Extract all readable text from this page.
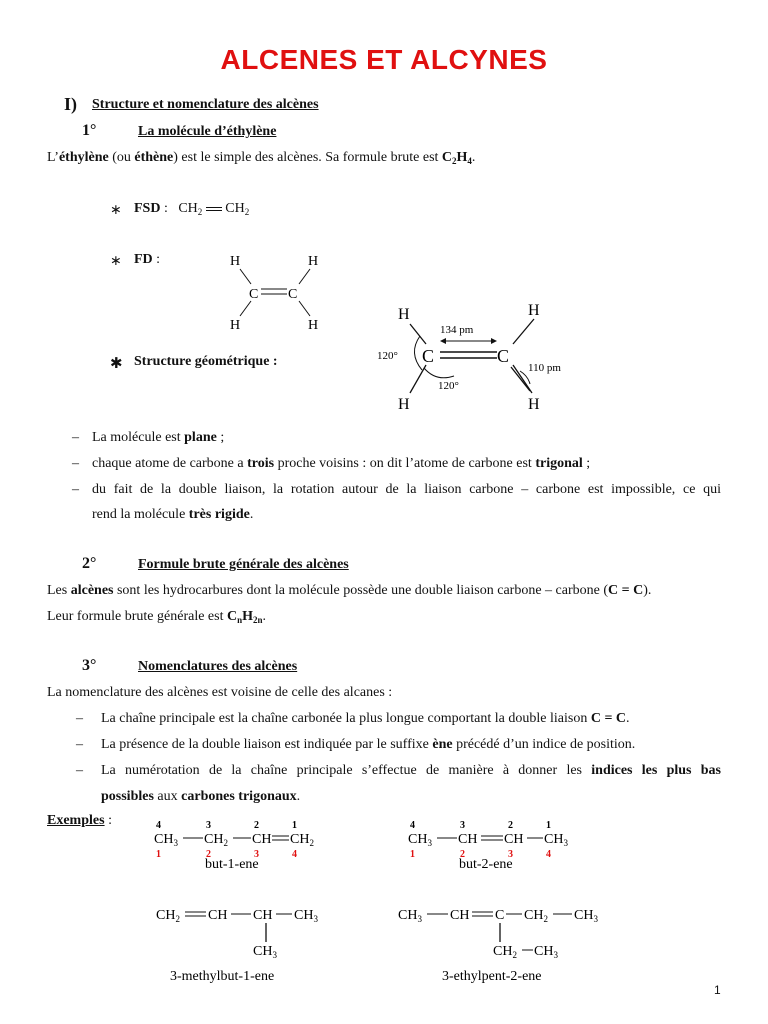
ALCENES ET ALCYNES
I) Structure et nomenclature des alcènes
1°	La molécule d’éthylène
L’éthylène (ou éthène) est le simple des alcènes. Sa formule brute est $C_2H_4$.
∗ FSD : $CH_2$ $CH_2$
∗ FD :	H	H
C C
H	H
✱ Structure géométrique :
H	H
C	C
H	H
134 pm
110 pm
120°
120°
– La molécule est plane ;
– chaque atome de carbone a trois proche voisins : on dit l’atome de carbone est trigonal ;
– du fait de la double liaison, la rotation autour de la liaison carbone – carbone est impossible, ce qui
rend la molécule très rigide.
2°	Formule brute générale des alcènes
Les alcènes sont les hydrocarbures dont la molécule possède une double liaison carbone – carbone (C = C).
Leur formule brute générale est $C_nH_{2n}$.
3°	Nomenclatures des alcènes
La nomenclature des alcènes est voisine de celle des alcanes :
– La chaîne principale est la chaîne carbonée la plus longue comportant la double liaison C = C.
– La présence de la double liaison est indiquée par le suffixe ène précédé d’un indice de position.
– La numérotation de la chaîne principale s’effectue de manière à donner les indices les plus bas
possibles aux carbones trigonaux.
Exemples :	4	3	2	1
1	2	3	4
$CH_3$ $CH_2$ CH $CH_2$
but-1-ene
4	3	2	1
1	2	3	4
$CH_3$ CH CH $CH_3$
but-2-ene
$CH_2$ CH CH $CH_3$
$CH_3$
3-methylbut-1-ene
$CH_3$ CH C $CH_2$ $CH_3$
$CH_2$ $CH_3$
3-ethylpent-2-ene
1
